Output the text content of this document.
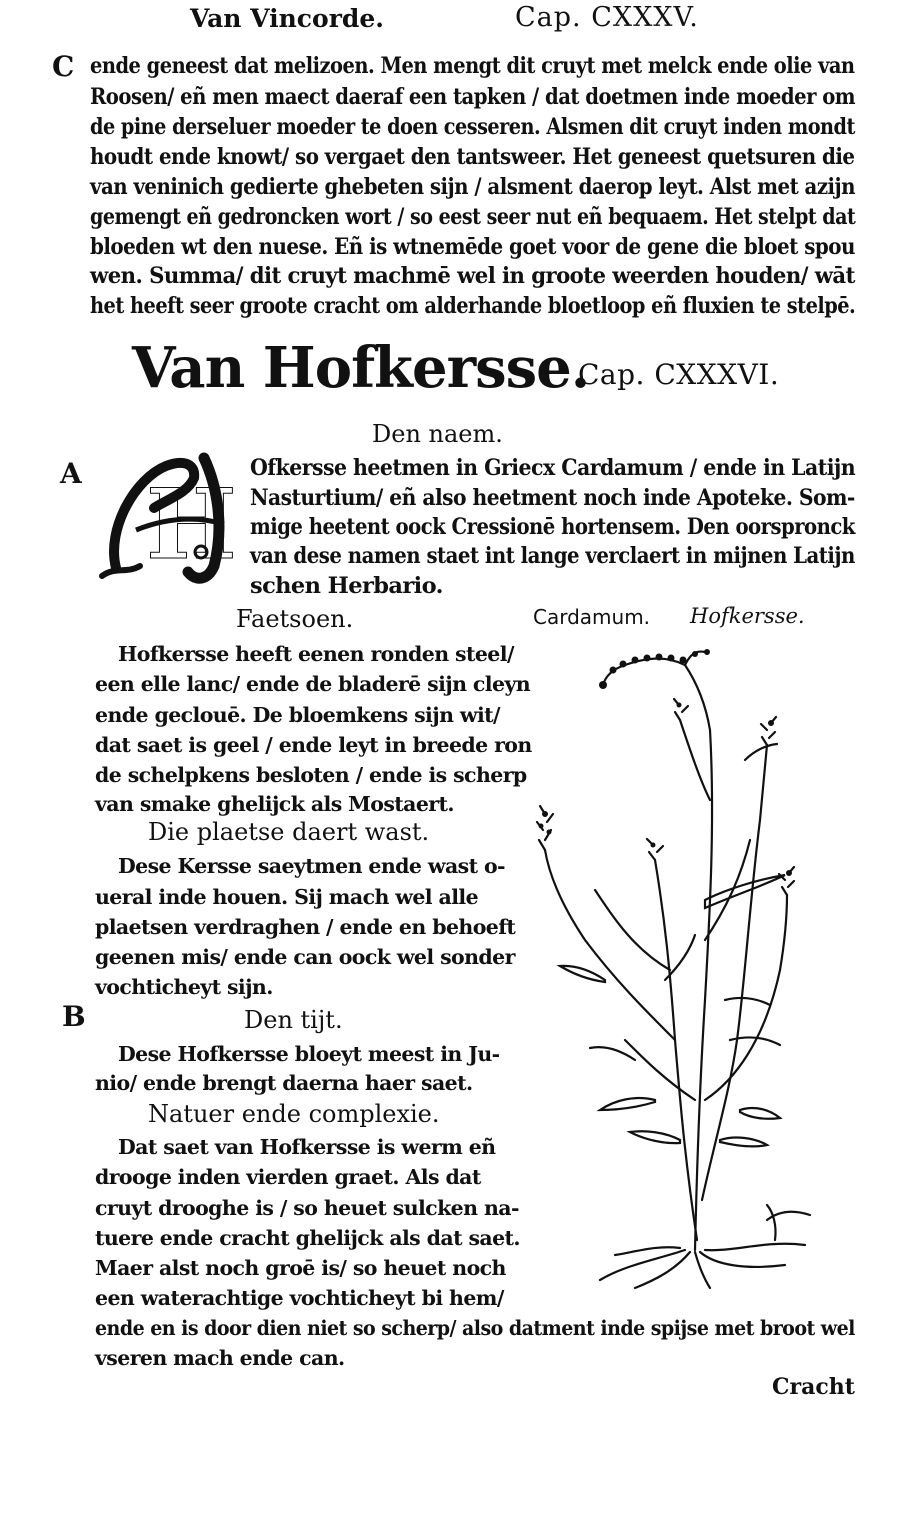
Van Vincorde.	Cap. CXXXV.
C ende geneest dat melizoen. Men mengt dit cruyt met melck ende olie van
Roosen/ eñ men maect daeraf een tapken / dat doetmen inde moeder om
de pine derseluer moeder te doen cesseren. Alsmen dit cruyt inden mondt
houdt ende knowt/ so vergaet den tantsweer. Het geneest quetsuren die
van veninich gedierte ghebeten sijn / alsment daerop leyt. Alst met azijn
gemengt eñ gedroncken wort / so eest seer nut eñ bequaem. Het stelpt dat
bloeden wt den nuese. Eñ is wtnemēde goet voor de gene die bloet spou
wen. Summa/ dit cruyt machmē wel in groote weerden houden/ wāt
het heeft seer groote cracht om alderhande bloetloop eñ fluxien te stelpē.
Van Hofkersse.
Cap. CXXXVI.
Den naem.
A H Ofkersse heetmen in Griecx Cardamum / ende in Latijn
Nasturtium/ eñ also heetment noch inde Apoteke. Som-
mige heetent oock Cressionē hortensem. Den oorspronck
van dese namen staet int lange verclaert in mijnen Latijn
schen Herbario.
Faetsoen.
Hofkersse heeft eenen ronden steel/
een elle lanc/ ende de bladerē sijn cleyn
ende geclouē. De bloemkens sijn wit/
dat saet is geel / ende leyt in breede ron
de schelpkens besloten / ende is scherp
van smake ghelijck als Mostaert.
Cardamum. Hofkersse.
Die plaetse daert wast.
Dese Kersse saeytmen ende wast o-
ueral inde houen. Sij mach wel alle
plaetsen verdraghen / ende en behoeft
geenen mis/ ende can oock wel sonder
vochticheyt sijn.
B	Den tijt.
Dese Hofkersse bloeyt meest in Ju-
nio/ ende brengt daerna haer saet.
Natuer ende complexie.
Dat saet van Hofkersse is werm eñ
drooge inden vierden graet. Als dat
cruyt drooghe is / so heuet sulcken na-
tuere ende cracht ghelijck als dat saet.
Maer alst noch groē is/ so heuet noch
een waterachtige vochticheyt bi hem/
ende en is door dien niet so scherp/ also datment inde spijse met broot wel
vseren mach ende can.
Cracht
